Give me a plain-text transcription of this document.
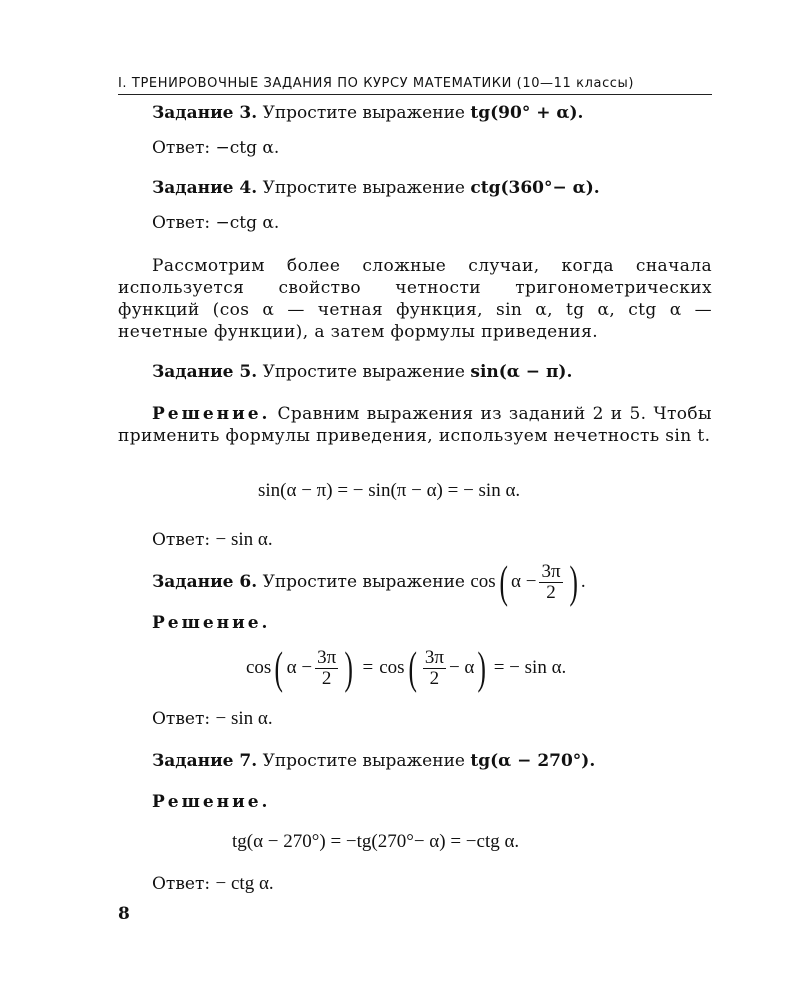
I. ТРЕНИРОВОЧНЫЕ ЗАДАНИЯ ПО КУРСУ МАТЕМАТИКИ (10—11 классы)
Задание 3. Упростите выражение tg(90° + α).
Ответ: −ctg α.
Задание 4. Упростите выражение ctg(360°− α).
Ответ: −ctg α.
Рассмотрим более сложные случаи, когда сначала используется свойство четности тригонометрических функций (cos α — четная функция, sin α, tg α, ctg α — нечетные функции), а затем формулы приведения.
Задание 5. Упростите выражение sin(α − π).
Решение. Сравним выражения из заданий 2 и 5. Чтобы применить формулы приведения, используем нечетность sin t.
sin(α − π) = − sin(π − α) = − sin α.
Ответ: − sin α.
Задание 6.
Упростите выражение
cos ( $\alpha - \frac{3\pi}{2}$ ) .
Решение.
cos ( $\alpha - \frac{3\pi}{2}$ ) = cos ( $\frac{3\pi}{2} - \alpha$ ) = − sin α.
Ответ: − sin α.
Задание 7. Упростите выражение tg(α − 270°).
Решение.
tg(α − 270°) = −tg(270°− α) = −ctg α.
Ответ: − ctg α.
8
